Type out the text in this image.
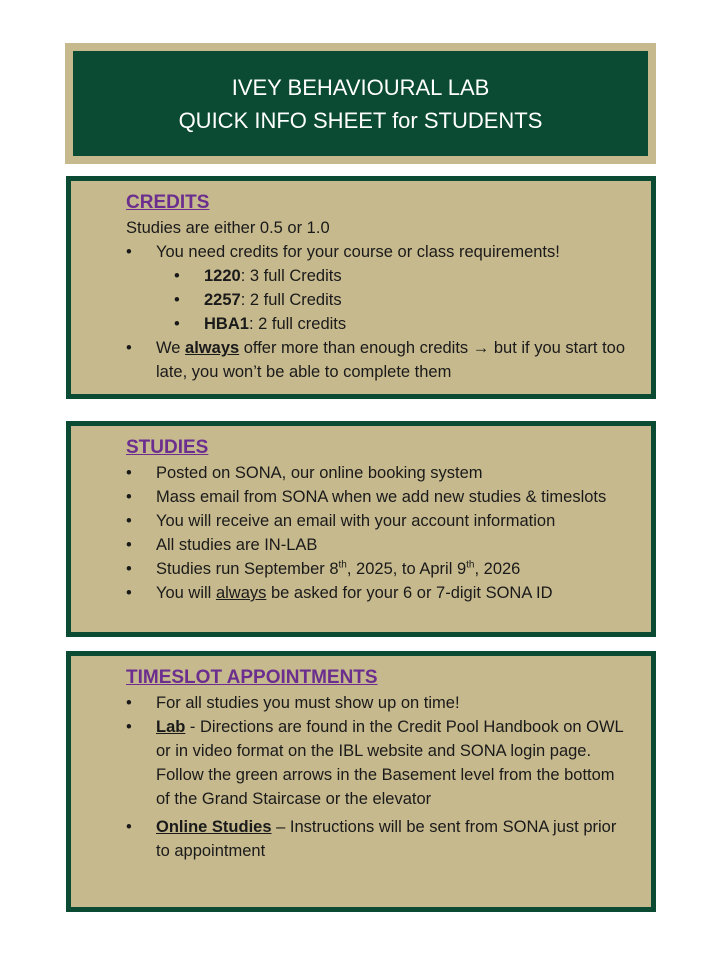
IVEY BEHAVIOURAL LAB
QUICK INFO SHEET for STUDENTS

CREDITS

Studies are either 0.5 or 1.0

• You need credits for your course or class requirements!
• 1220: 3 full Credits
• 2257: 2 full Credits
• HBA1: 2 full credits
• We always offer more than enough credits → but if you start too late, you won’t be able to complete them

STUDIES

• Posted on SONA, our online booking system
• Mass email from SONA when we add new studies & timeslots
• You will receive an email with your account information
• All studies are IN-LAB
• Studies run September 8th, 2025, to April 9th, 2026
• You will always be asked for your 6 or 7-digit SONA ID

TIMESLOT APPOINTMENTS

• For all studies you must show up on time!
• Lab - Directions are found in the Credit Pool Handbook on OWL or in video format on the IBL website and SONA login page. Follow the green arrows in the Basement level from the bottom of the Grand Staircase or the elevator
• Online Studies – Instructions will be sent from SONA just prior to appointment
